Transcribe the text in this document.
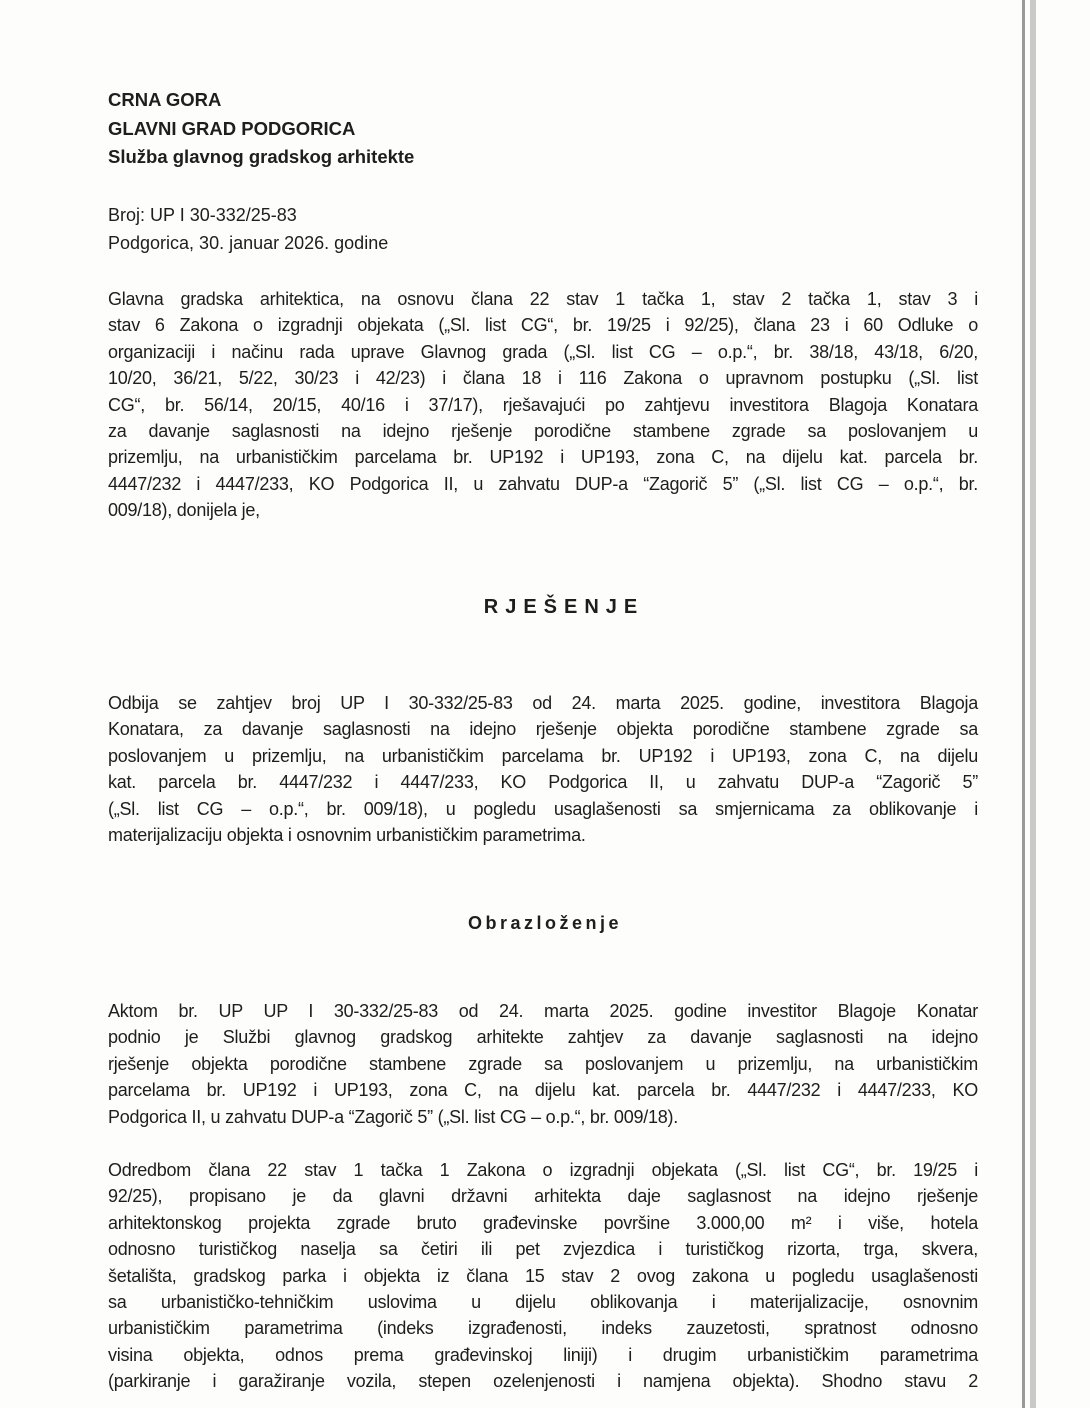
CRNA GORA
GLAVNI GRAD PODGORICA
Služba glavnog gradskog arhitekte
Broj: UP I 30-332/25-83
Podgorica, 30. januar 2026. godine
Glavna gradska arhitektica, na osnovu člana 22 stav 1 tačka 1, stav 2 tačka 1, stav 3 i
stav 6 Zakona o izgradnji objekata („Sl. list CG“, br. 19/25 i 92/25), člana 23 i 60 Odluke o
organizaciji i načinu rada uprave Glavnog grada („Sl. list CG – o.p.“, br. 38/18, 43/18, 6/20,
10/20, 36/21, 5/22, 30/23 i 42/23) i člana 18 i 116 Zakona o upravnom postupku („Sl. list
CG“, br. 56/14, 20/15, 40/16 i 37/17), rješavajući po zahtjevu investitora Blagoja Konatara
za davanje saglasnosti na idejno rješenje porodične stambene zgrade sa poslovanjem u
prizemlju, na urbanističkim parcelama br. UP192 i UP193, zona C, na dijelu kat. parcela br.
4447/232 i 4447/233, KO Podgorica II, u zahvatu DUP-a “Zagorič 5” („Sl. list CG – o.p.“, br.
009/18), donijela je,
RJEŠENJE
Odbija se zahtjev broj UP I 30-332/25-83 od 24. marta 2025. godine, investitora Blagoja
Konatara, za davanje saglasnosti na idejno rješenje objekta porodične stambene zgrade sa
poslovanjem u prizemlju, na urbanističkim parcelama br. UP192 i UP193, zona C, na dijelu
kat. parcela br. 4447/232 i 4447/233, KO Podgorica II, u zahvatu DUP-a “Zagorič 5”
(„Sl. list CG – o.p.“, br. 009/18), u pogledu usaglašenosti sa smjernicama za oblikovanje i
materijalizaciju objekta i osnovnim urbanističkim parametrima.
Obrazloženje
Aktom br. UP UP I 30-332/25-83 od 24. marta 2025. godine investitor Blagoje Konatar
podnio je Službi glavnog gradskog arhitekte zahtjev za davanje saglasnosti na idejno
rješenje objekta porodične stambene zgrade sa poslovanjem u prizemlju, na urbanističkim
parcelama br. UP192 i UP193, zona C, na dijelu kat. parcela br. 4447/232 i 4447/233, KO
Podgorica II, u zahvatu DUP-a “Zagorič 5” („Sl. list CG – o.p.“, br. 009/18).
Odredbom člana 22 stav 1 tačka 1 Zakona o izgradnji objekata („Sl. list CG“, br. 19/25 i
92/25), propisano je da glavni državni arhitekta daje saglasnost na idejno rješenje
arhitektonskog projekta zgrade bruto građevinske površine 3.000,00 m² i više, hotela
odnosno turističkog naselja sa četiri ili pet zvjezdica i turističkog rizorta, trga, skvera,
šetališta, gradskog parka i objekta iz člana 15 stav 2 ovog zakona u pogledu usaglašenosti
sa urbanističko-tehničkim uslovima u dijelu oblikovanja i materijalizacije, osnovnim
urbanističkim parametrima (indeks izgrađenosti, indeks zauzetosti, spratnost odnosno
visina objekta, odnos prema građevinskoj liniji) i drugim urbanističkim parametrima
(parkiranje i garažiranje vozila, stepen ozelenjenosti i namjena objekta). Shodno stavu 2
